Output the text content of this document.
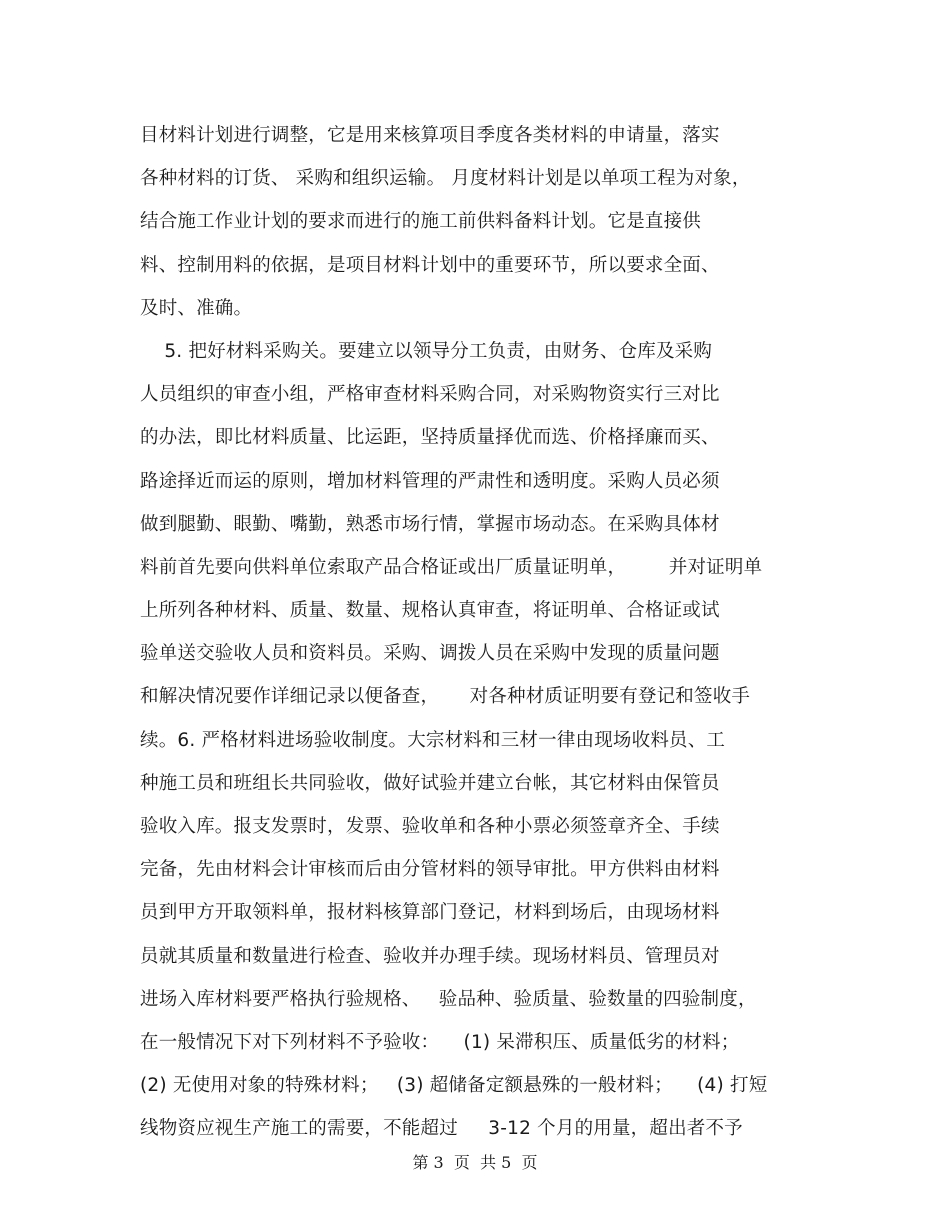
目材料计划进行调整，它是用来核算项目季度各类材料的申请量，落实
各种材料的订货、 采购和组织运输。 月度材料计划是以单项工程为对象，
结合施工作业计划的要求而进行的施工前供料备料计划。它是直接供
料、控制用料的依据，是项目材料计划中的重要环节，所以要求全面、
及时、准确。
5. 把好材料采购关。要建立以领导分工负责，由财务、仓库及采购
人员组织的审查小组，严格审查材料采购合同，对采购物资实行三对比
的办法，即比材料质量、比运距，坚持质量择优而选、价格择廉而买、
路途择近而运的原则，增加材料管理的严肃性和透明度。采购人员必须
做到腿勤、眼勤、嘴勤，熟悉市场行情，掌握市场动态。在采购具体材
料前首先要向供料单位索取产品合格证或出厂质量证明单，       并对证明单
上所列各种材料、质量、数量、规格认真审查，将证明单、合格证或试
验单送交验收人员和资料员。采购、调拨人员在采购中发现的质量问题
和解决情况要作详细记录以便备查，     对各种材质证明要有登记和签收手
续。6. 严格材料进场验收制度。大宗材料和三材一律由现场收料员、工
种施工员和班组长共同验收，做好试验并建立台帐，其它材料由保管员
验收入库。报支发票时，发票、验收单和各种小票必须签章齐全、手续
完备，先由材料会计审核而后由分管材料的领导审批。甲方供料由材料
员到甲方开取领料单，报材料核算部门登记，材料到场后，由现场材料
员就其质量和数量进行检查、验收并办理手续。现场材料员、管理员对
进场入库材料要严格执行验规格、   验品种、验质量、验数量的四验制度，
在一般情况下对下列材料不予验收：    (1) 呆滞积压、质量低劣的材料；
(2) 无使用对象的特殊材料；   (3) 超储备定额悬殊的一般材料；    (4) 打短
线物资应视生产施工的需要，不能超过     3-12 个月的用量，超出者不予
第 3  页  共 5  页
